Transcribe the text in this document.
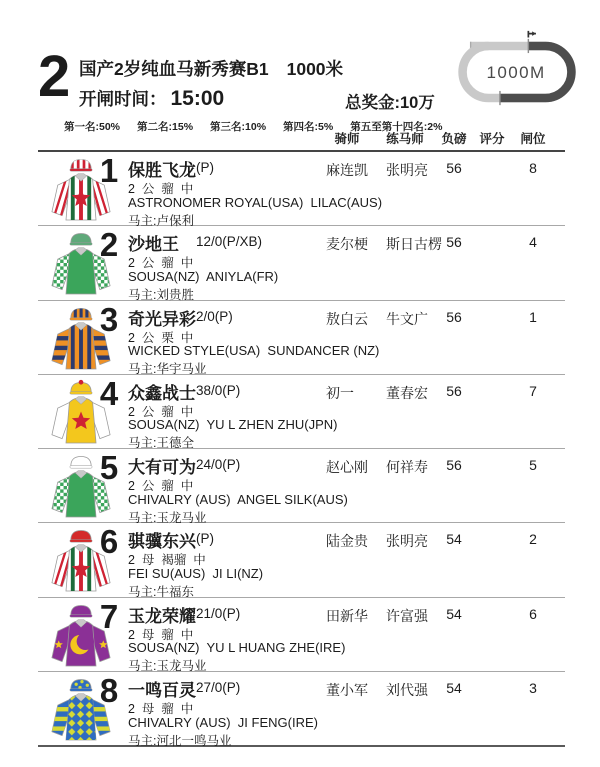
2 国产2岁纯血马新秀赛B1 1000米
开闸时间： 15:00	总奖金:10万
第一名:50% 第二名:15% 第三名:10% 第四名:5% 第五至第十四名:2%
1000M
骑师	练马师	负磅 评分 闸位
1 保胜飞龙 (P)	麻连凯	张明亮	56	8
2  公  骝  中
ASTRONOMER ROYAL(USA)  LILAC(AUS)
马主:卢保利
2 沙地王 12/0(P/XB)	麦尔梗	斯日古楞 56	4
2  公  骝  中
SOUSA(NZ)  ANIYLA(FR)
马主:刘贵胜
3 奇光异彩 2/0(P)	敖白云	牛文广	56	1
2  公  栗  中
WICKED STYLE(USA)  SUNDANCER (NZ)
马主:华宇马业
4 众鑫战士 38/0(P)	初一	董春宏	56	7
2  公  骝  中
SOUSA(NZ)  YU L ZHEN ZHU(JPN)
马主:王德全
5 大有可为 24/0(P)	赵心刚	何祥寿	56	5
2  公  骝  中
CHIVALRY (AUS)  ANGEL SILK(AUS)
马主:玉龙马业
6 骐骥东兴 (P)	陆金贵	张明亮	54	2
2  母  褐骝  中
FEI SU(AUS)  JI LI(NZ)
马主:牛福东
7 玉龙荣耀 21/0(P)	田新华	许富强	54	6
2  母  骝  中
SOUSA(NZ)  YU L HUANG ZHE(IRE)
马主:玉龙马业
8 一鸣百灵 27/0(P)	董小军	刘代强	54	3
2  母  骝  中
CHIVALRY (AUS)  JI FENG(IRE)
马主:河北一鸣马业
